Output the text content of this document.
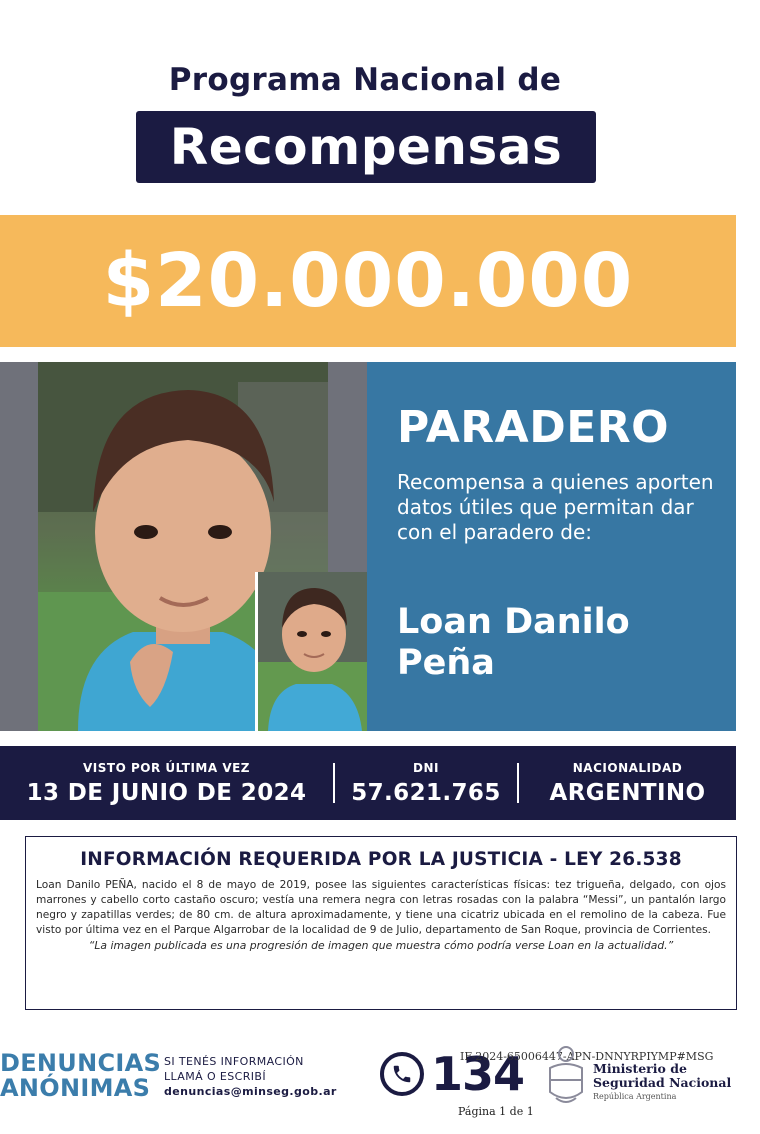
Programa Nacional de
Recompensas
$20.000.000
PARADERO
Recompensa a quienes aporten datos útiles que permitan dar con el paradero de:
Loan Danilo
Peña
VISTO POR ÚLTIMA VEZ
13 DE JUNIO DE 2024
DNI
57.621.765
NACIONALIDAD
ARGENTINO
INFORMACIÓN REQUERIDA POR LA JUSTICIA - LEY 26.538
Loan Danilo PEÑA, nacido el 8 de mayo de 2019, posee las siguientes características físicas: tez trigueña, delgado, con ojos marrones y cabello corto castaño oscuro; vestía una remera negra con letras rosadas con la palabra “Messi”, un pantalón largo negro y zapatillas verdes; de 80 cm. de altura aproximadamente, y tiene una cicatriz ubicada en el remolino de la cabeza. Fue visto por última vez en el Parque Algarrobar de la localidad de 9 de Julio, departamento de San Roque, provincia de Corrientes.
“La imagen publicada es una progresión de imagen que muestra cómo podría verse Loan en la actualidad.”
DENUNCIAS
ANÓNIMAS
SI TENÉS INFORMACIÓN
LLAMÁ O ESCRIBÍ
denuncias@minseg.gob.ar 134
IF-2024-65006447-APN-DNNYRPIYMP#MSG
Página 1 de 1
Ministerio de
Seguridad Nacional
República Argentina
